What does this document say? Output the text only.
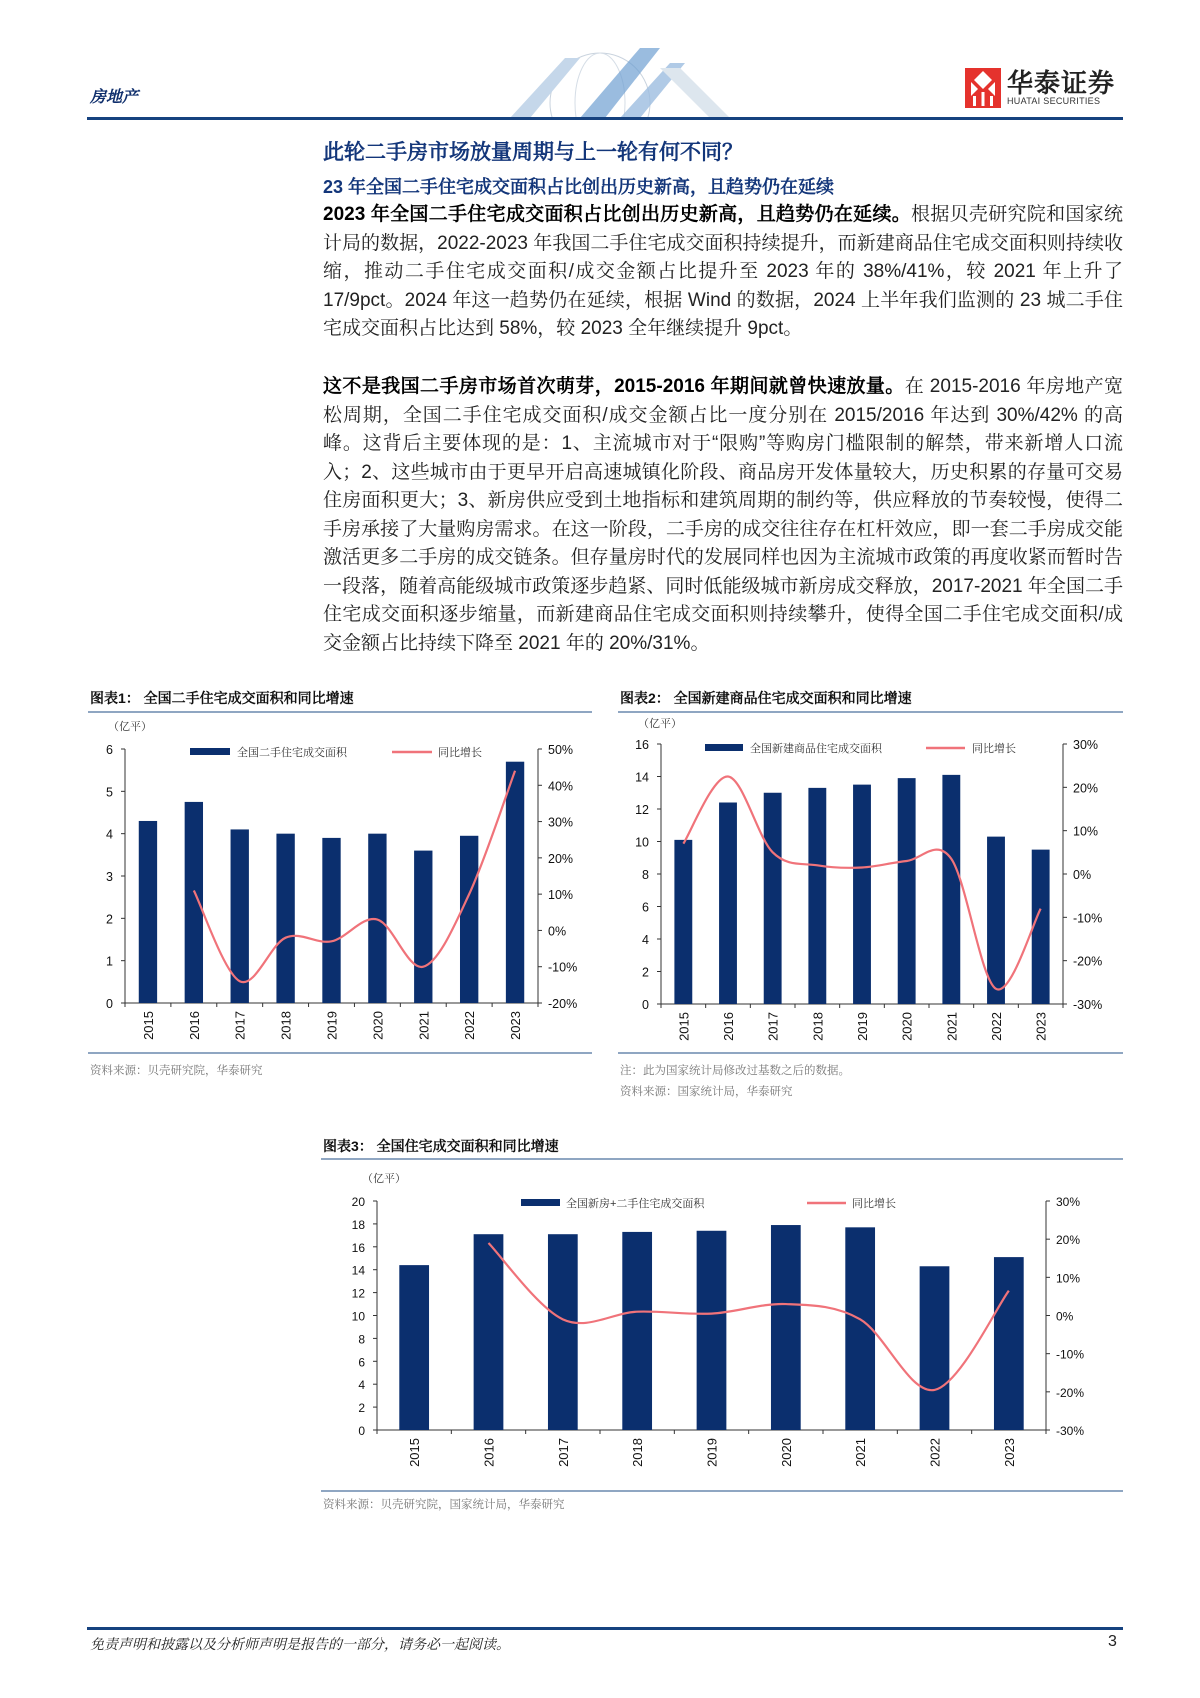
房地产	华泰证券
HUATAI SECURITIES
此轮二手房市场放量周期与上一轮有何不同？
23 年全国二手住宅成交面积占比创出历史新高，且趋势仍在延续
2023 年全国二手住宅成交面积占比创出历史新高，且趋势仍在延续。根据贝壳研究院和国家统计局的数据，2022-2023 年我国二手住宅成交面积持续提升，而新建商品住宅成交面积则持续收缩，推动二手住宅成交面积/成交金额占比提升至 2023 年的 38%/41%，较 2021 年上升了 17/9pct。2024 年这一趋势仍在延续，根据 Wind 的数据，2024 上半年我们监测的 23 城二手住宅成交面积占比达到 58%，较 2023 全年继续提升 9pct。
这不是我国二手房市场首次萌芽，2015-2016 年期间就曾快速放量。在 2015-2016 年房地产宽松周期，全国二手住宅成交面积/成交金额占比一度分别在 2015/2016 年达到 30%/42% 的高峰。这背后主要体现的是：1、主流城市对于“限购”等购房门槛限制的解禁，带来新增人口流入；2、这些城市由于更早开启高速城镇化阶段、商品房开发体量较大，历史积累的存量可交易住房面积更大；3、新房供应受到土地指标和建筑周期的制约等，供应释放的节奏较慢，使得二手房承接了大量购房需求。在这一阶段，二手房的成交往往存在杠杆效应，即一套二手房成交能激活更多二手房的成交链条。但存量房时代的发展同样也因为主流城市政策的再度收紧而暂时告一段落，随着高能级城市政策逐步趋紧、同时低能级城市新房成交释放，2017-2021 年全国二手住宅成交面积逐步缩量，而新建商品住宅成交面积则持续攀升，使得全国二手住宅成交面积/成交金额占比持续下降至 2021 年的 20%/31%。
图表1： 全国二手住宅成交面积和同比增速
资料来源：贝壳研究院，华泰研究
图表2： 全国新建商品住宅成交面积和同比增速
注：此为国家统计局修改过基数之后的数据。
资料来源：国家统计局，华泰研究
图表3： 全国住宅成交面积和同比增速
资料来源：贝壳研究院，国家统计局，华泰研究
（亿平）
0
1
2
3
4
5
6
-20%
-10%
0%
10%
20%
30%
40%
50%
2015 2016 2017 2018 2019 2020 2021 2022 2023
全国二手住宅成交面积	同比增长
（亿平）
0
2
4
6
8
10
12
14
16
-30%
-20%
-10%
0%
10%
20%
30%
2015 2016 2017 2018 2019 2020 2021 2022 2023
全国新建商品住宅成交面积	同比增长
（亿平）
0
2
4
6
8
10
12
14
16
18
20
-30%
-20%
-10%
0%
10%
20%
30%
2015	2016	2017	2018	2019	2020	2021	2022	2023
全国新房+二手住宅成交面积	同比增长
免责声明和披露以及分析师声明是报告的一部分，请务必一起阅读。	3
